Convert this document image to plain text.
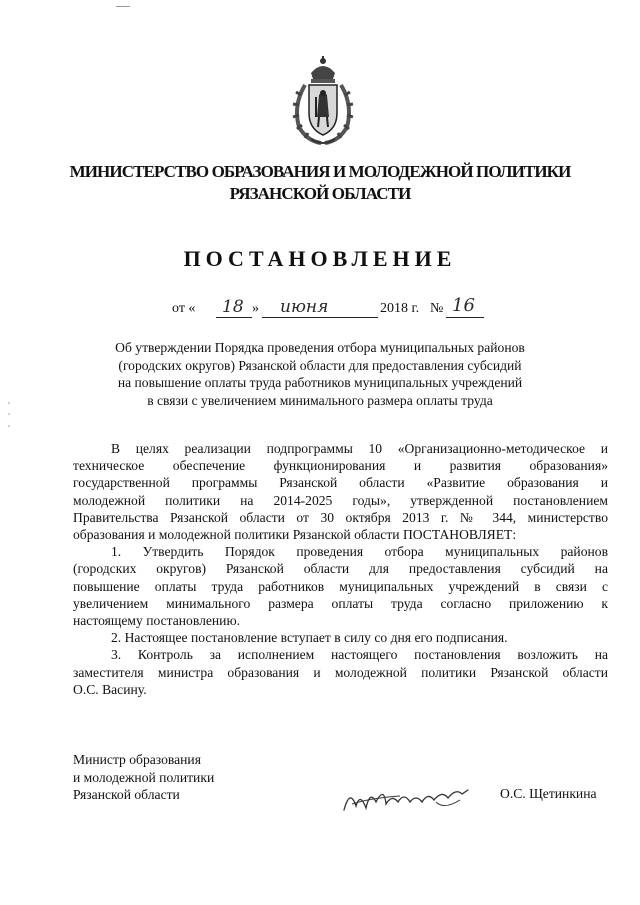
МИНИСТЕРСТВО ОБРАЗОВАНИЯ И МОЛОДЕЖНОЙ ПОЛИТИКИ
РЯЗАНСКОЙ ОБЛАСТИ
ПОСТАНОВЛЕНИЕ
от « 18 » июня	2018 г. № 16
Об утверждении Порядка проведения отбора муниципальных районов
(городских округов) Рязанской области для предоставления субсидий
на повышение оплаты труда работников муниципальных учреждений
в связи с увеличением минимального размера оплаты труда
В целях реализации подпрограммы 10 «Организационно-методическое и
техническое обеспечение функционирования и развития образования»
государственной программы Рязанской области «Развитие образования и
молодежной политики на 2014-2025 годы», утвержденной постановлением
Правительства Рязанской области от 30 октября 2013 г. № 344, министерство
образования и молодежной политики Рязанской области ПОСТАНОВЛЯЕТ:
1. Утвердить Порядок проведения отбора муниципальных районов
(городских округов) Рязанской области для предоставления субсидий на
повышение оплаты труда работников муниципальных учреждений в связи с
увеличением минимального размера оплаты труда согласно приложению к
настоящему постановлению.
2. Настоящее постановление вступает в силу со дня его подписания.
3. Контроль за исполнением настоящего постановления возложить на
заместителя министра образования и молодежной политики Рязанской области
О.С. Васину.
Министр образования
и молодежной политики
Рязанской области	О.С. Щетинкина
